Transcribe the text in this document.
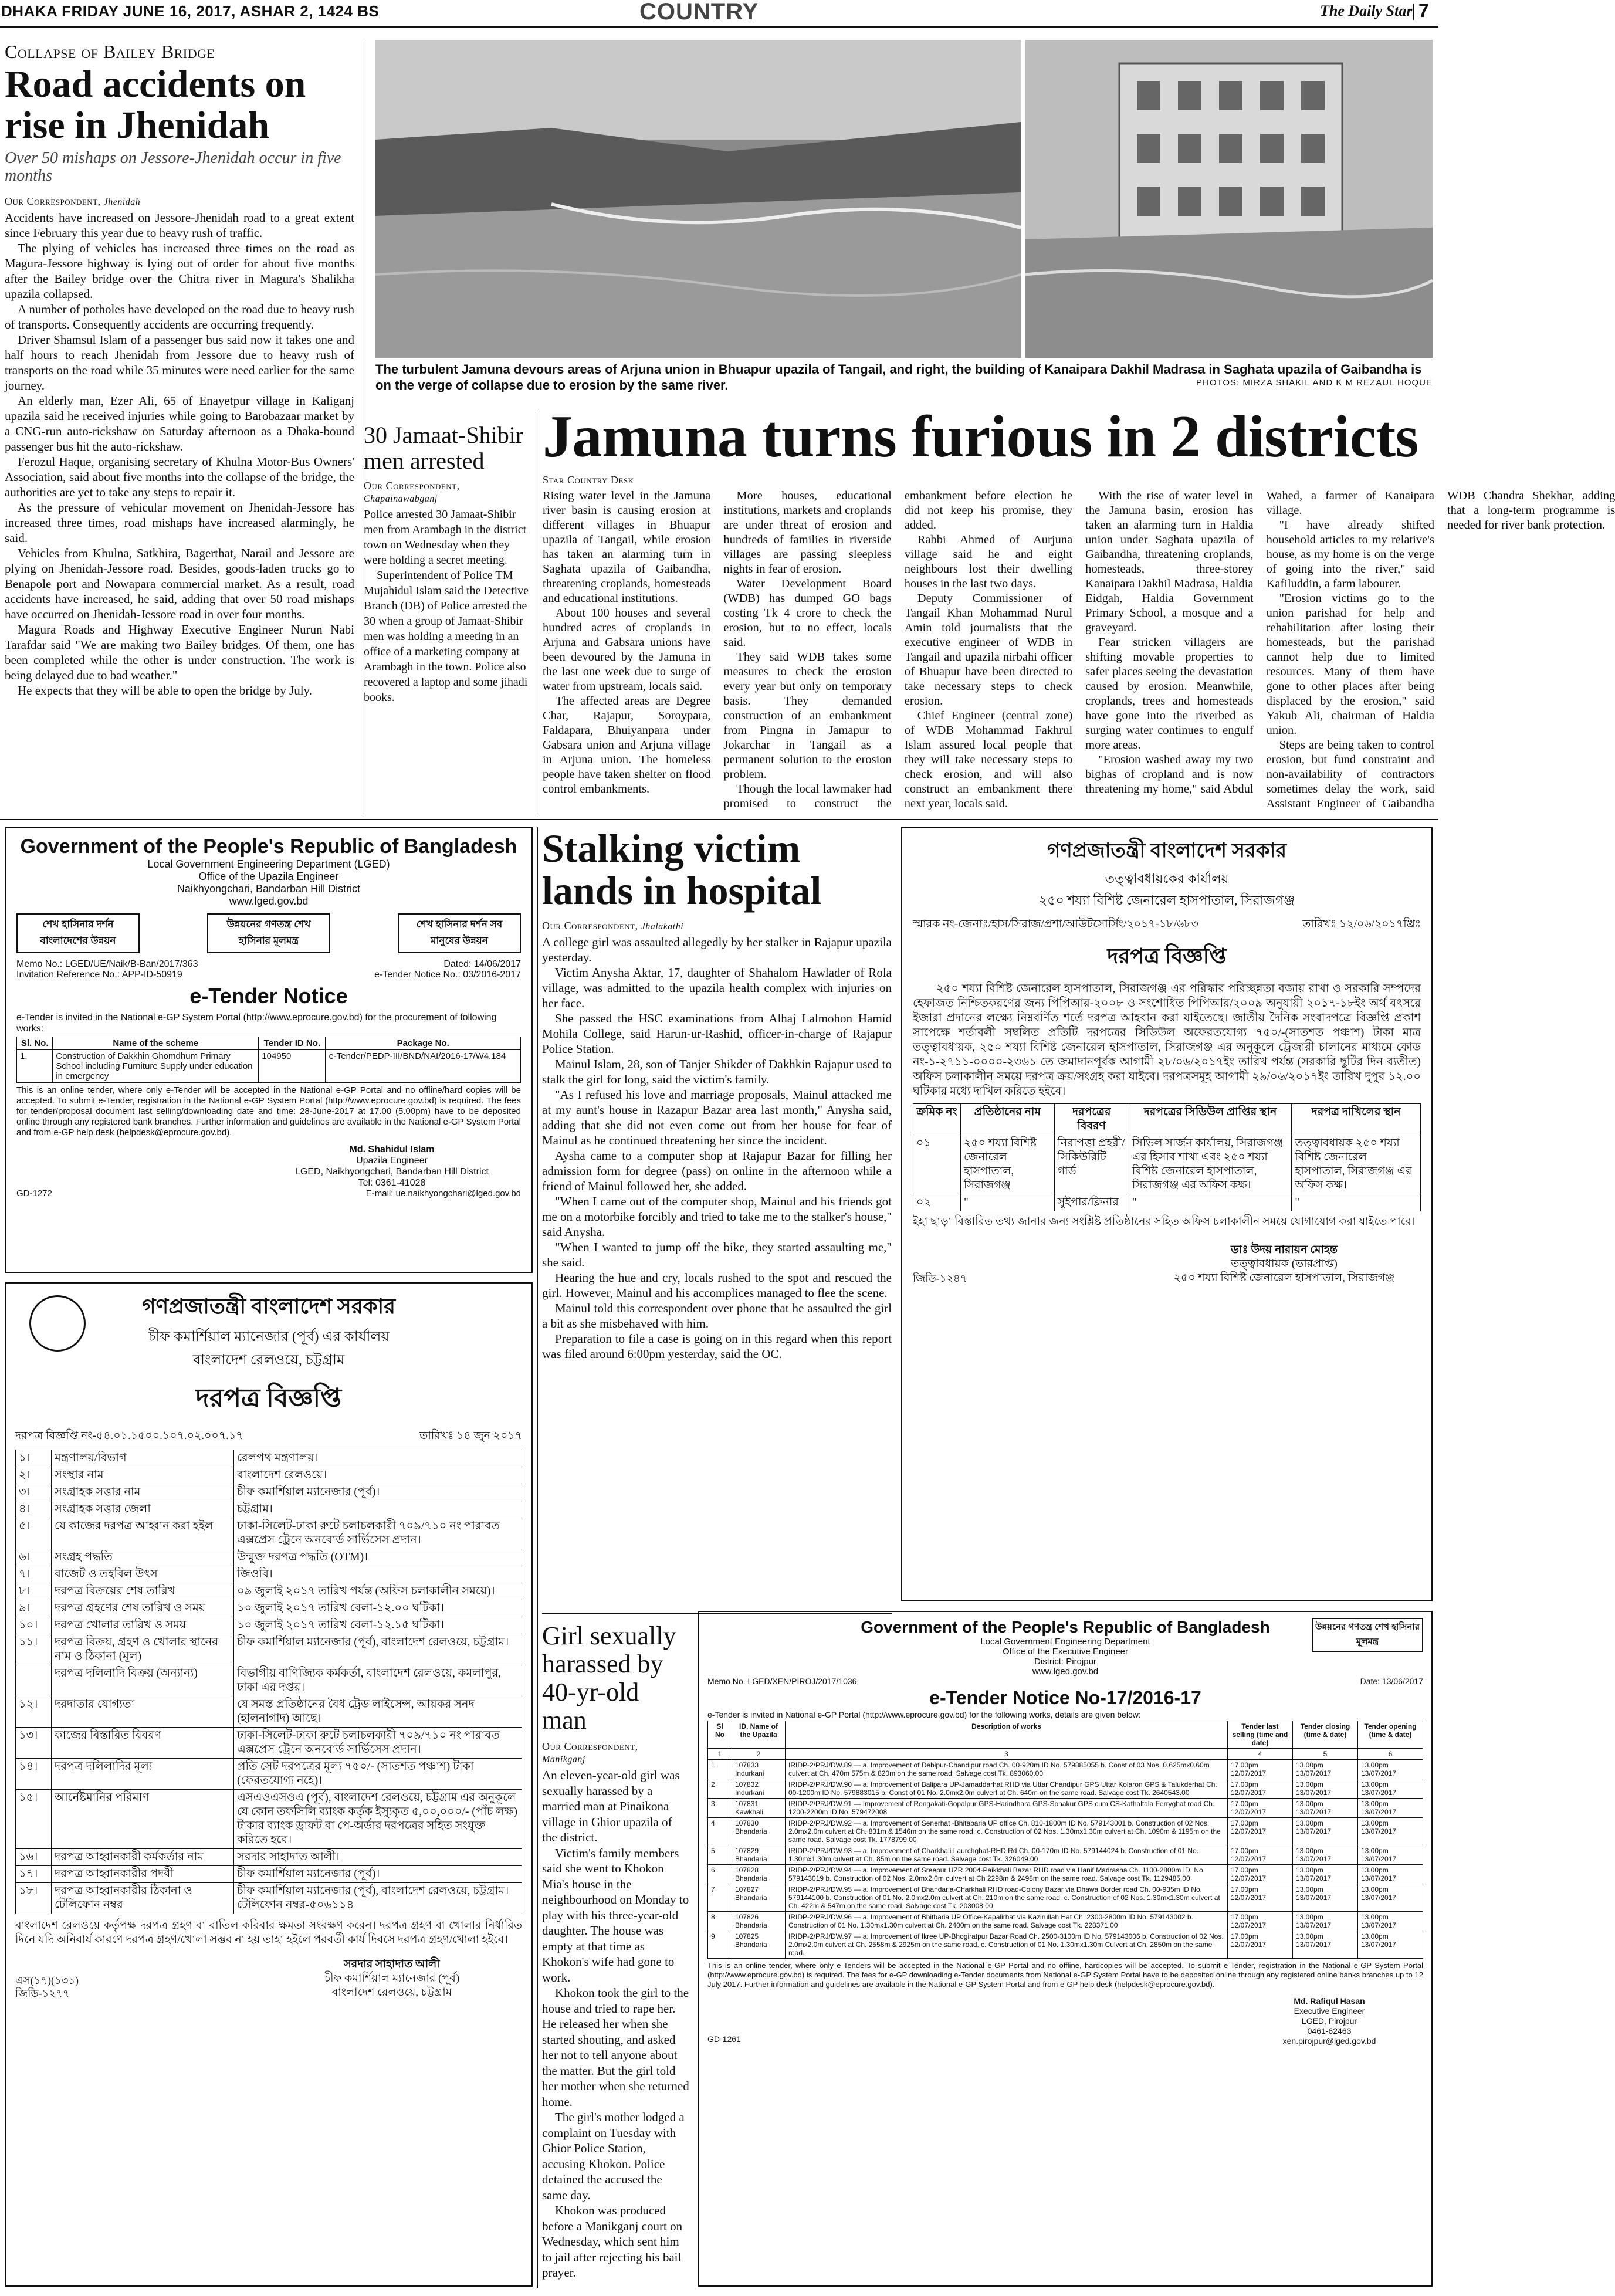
DHAKA FRIDAY JUNE 16, 2017, ASHAR 2, 1424 BS	COUNTRY	The Daily Star 7
Collapse of Bailey Bridge
Road accidents on rise in Jhenidah
Over 50 mishaps on Jessore-Jhenidah occur in five months
Our Correspondent, Jhenidah

Accidents have increased on Jessore-Jhenidah road to a great extent since February this year due to heavy rush of traffic.

The plying of vehicles has increased three times on the road as Magura-Jessore highway is lying out of order for about five months after the Bailey bridge over the Chitra river in Magura's Shalikha upazila collapsed.

A number of potholes have developed on the road due to heavy rush of transports. Consequently accidents are occurring frequently.

Driver Shamsul Islam of a passenger bus said now it takes one and half hours to reach Jhenidah from Jessore due to heavy rush of transports on the road while 35 minutes were need earlier for the same journey.

An elderly man, Ezer Ali, 65 of Enayetpur village in Kaliganj upazila said he received injuries while going to Barobazaar market by a CNG-run auto-rickshaw on Saturday afternoon as a Dhaka-bound passenger bus hit the auto-rickshaw.

Ferozul Haque, organising secretary of Khulna Motor-Bus Owners' Association, said about five months into the collapse of the bridge, the authorities are yet to take any steps to repair it.

As the pressure of vehicular movement on Jhenidah-Jessore has increased three times, road mishaps have increased alarmingly, he said.

Vehicles from Khulna, Satkhira, Bagerthat, Narail and Jessore are plying on Jhenidah-Jessore road. Besides, goods-laden trucks go to Benapole port and Nowapara commercial market. As a result, road accidents have increased, he said, adding that over 50 road mishaps have occurred on Jhenidah-Jessore road in over four months.

Magura Roads and Highway Executive Engineer Nurun Nabi Tarafdar said "We are making two Bailey bridges. Of them, one has been completed while the other is under construction. The work is being delayed due to bad weather."

He expects that they will be able to open the bridge by July.

The turbulent Jamuna devours areas of Arjuna union in Bhuapur upazila of Tangail, and right, the building of Kanaipara Dakhil Madrasa in Saghata upazila of Gaibandha is on the verge of collapse due to erosion by the same river.	PHOTOS: MIRZA SHAKIL AND K M REZAUL HOQUE
30 Jamaat-Shibir men arrested
Our Correspondent,
Chapainawabganj

Police arrested 30 Jamaat-Shibir men from Arambagh in the district town on Wednesday when they were holding a secret meeting.

Superintendent of Police TM Mujahidul Islam said the Detective Branch (DB) of Police arrested the 30 when a group of Jamaat-Shibir men was holding a meeting in an office of a marketing company at Arambagh in the town. Police also recovered a laptop and some jihadi books.

Jamuna turns furious in 2 districts
Star Country Desk

Rising water level in the Jamuna river basin is causing erosion at different villages in Bhuapur upazila of Tangail, while erosion has taken an alarming turn in Saghata upazila of Gaibandha, threatening croplands, homesteads and educational institutions.

About 100 houses and several hundred acres of croplands in Arjuna and Gabsara unions have been devoured by the Jamuna in the last one week due to surge of water from upstream, locals said.

The affected areas are Degree Char, Rajapur, Soroypara, Faldapara, Bhuiyanpara under Gabsara union and Arjuna village in Arjuna union. The homeless people have taken shelter on flood control embankments.

More houses, educational institutions, markets and croplands are under threat of erosion and hundreds of families in riverside villages are passing sleepless nights in fear of erosion.

Water Development Board (WDB) has dumped GO bags costing Tk 4 crore to check the erosion, but to no effect, locals said.

They said WDB takes some measures to check the erosion every year but only on temporary basis. They demanded construction of an embankment from Pingna in Jamapur to Jokarchar in Tangail as a permanent solution to the erosion problem.

Though the local lawmaker had promised to construct the embankment before election he did not keep his promise, they added.

Rabbi Ahmed of Aurjuna village said he and eight neighbours lost their dwelling houses in the last two days.

Deputy Commissioner of Tangail Khan Mohammad Nurul Amin told journalists that the executive engineer of WDB in Tangail and upazila nirbahi officer of Bhuapur have been directed to take necessary steps to check erosion.

Chief Engineer (central zone) of WDB Mohammad Fakhrul Islam assured local people that they will take necessary steps to check erosion, and will also construct an embankment there next year, locals said.

With the rise of water level in the Jamuna basin, erosion has taken an alarming turn in Haldia union under Saghata upazila of Gaibandha, threatening croplands, homesteads, three-storey Kanaipara Dakhil Madrasa, Haldia Eidgah, Haldia Government Primary School, a mosque and a graveyard.

Fear stricken villagers are shifting movable properties to safer places seeing the devastation caused by erosion. Meanwhile, croplands, trees and homesteads have gone into the riverbed as surging water continues to engulf more areas.

"Erosion washed away my two bighas of cropland and is now threatening my home," said Abdul Wahed, a farmer of Kanaipara village.

"I have already shifted household articles to my relative's house, as my home is on the verge of going into the river," said Kafiluddin, a farm labourer.

"Erosion victims go to the union parishad for help and rehabilitation after losing their homesteads, but the parishad cannot help due to limited resources. Many of them have gone to other places after being displaced by the erosion," said Yakub Ali, chairman of Haldia union.

Steps are being taken to control erosion, but fund constraint and non-availability of contractors sometimes delay the work, said Assistant Engineer of Gaibandha WDB Chandra Shekhar, adding that a long-term programme is needed for river bank protection.

Government of the People's Republic of Bangladesh
Local Government Engineering Department (LGED)
Office of the Upazila Engineer
Naikhyongchari, Bandarban Hill District
www.lged.gov.bd
শেখ হাসিনার দর্শন বাংলাদেশের উন্নয়ন
উন্নয়নের গণতন্ত্র শেখ হাসিনার মূলমন্ত্র
শেখ হাসিনার দর্শন সব মানুষের উন্নয়ন
Memo No.: LGED/UE/Naik/B-Ban/2017/363	Dated: 14/06/2017
Invitation Reference No.: APP-ID-50919	e-Tender Notice No.: 03/2016-2017
e-Tender Notice
e-Tender is invited in the National e-GP System Portal (http://www.eprocure.gov.bd) for the procurement of following works:
Sl. No.	Name of the scheme	Tender ID No.	Package No.
1.	Construction of Dakkhin Ghomdhum Primary School including Furniture Supply under education in emergency	104950	e-Tender/PEDP-III/BND/NAI/2016-17/W4.184
This is an online tender, where only e-Tender will be accepted in the National e-GP Portal and no offline/hard copies will be accepted. To submit e-Tender, registration in the National e-GP System Portal (http://www.eprocure.gov.bd) is required. The fees for tender/proposal document last selling/downloading date and time: 28-June-2017 at 17.00 (5.00pm) have to be deposited online through any registered bank branches. Further information and guidelines are available in the National e-GP System Portal and from e-GP help desk (helpdesk@eprocure.gov.bd).
Md. Shahidul Islam
Upazila Engineer
LGED, Naikhyongchari, Bandarban Hill District
Tel: 0361-41028
GD-1272	E-mail: ue.naikhyongchari@lged.gov.bd
গণপ্রজাতন্ত্রী বাংলাদেশ সরকার
চীফ কমার্শিয়াল ম্যানেজার (পূর্ব) এর কার্যালয়
বাংলাদেশ রেলওয়ে, চট্টগ্রাম
দরপত্র বিজ্ঞপ্তি
দরপত্র বিজ্ঞপ্তি নং-৫৪.০১.১৫০০.১০৭.০২.০০৭.১৭	তারিখঃ ১৪ জুন ২০১৭
১।	মন্ত্রণালয়/বিভাগ	রেলপথ মন্ত্রণালয়।
২।	সংস্থার নাম	বাংলাদেশ রেলওয়ে।
৩।	সংগ্রাহক সত্তার নাম	চীফ কমার্শিয়াল ম্যানেজার (পূর্ব)।
৪।	সংগ্রাহক সত্তার জেলা	চট্টগ্রাম।
৫।	যে কাজের দরপত্র আহ্বান করা হইল	ঢাকা-সিলেট-ঢাকা রুটে চলাচলকারী ৭০৯/৭১০ নং পারাবত এক্সপ্রেস ট্রেনে অনবোর্ড সার্ভিসেস প্রদান।
৬।	সংগ্রহ পদ্ধতি	উন্মুক্ত দরপত্র পদ্ধতি (OTM)।
৭।	বাজেট ও তহবিল উৎস	জিওবি।
৮।	দরপত্র বিক্রয়ের শেষ তারিখ	০৯ জুলাই ২০১৭ তারিখ পর্যন্ত (অফিস চলাকালীন সময়ে)।
৯।	দরপত্র গ্রহণের শেষ তারিখ ও সময়	১০ জুলাই ২০১৭ তারিখ বেলা-১২.০০ ঘটিকা।
১০।	দরপত্র খোলার তারিখ ও সময়	১০ জুলাই ২০১৭ তারিখ বেলা-১২.১৫ ঘটিকা।
১১।	দরপত্র বিক্রয়, গ্রহণ ও খোলার স্থানের নাম ও ঠিকানা (মূল)	চীফ কমার্শিয়াল ম্যানেজার (পূর্ব), বাংলাদেশ রেলওয়ে, চট্টগ্রাম।
	দরপত্র দলিলাদি বিক্রয় (অন্যান্য)	বিভাগীয় বাণিজ্যিক কর্মকর্তা, বাংলাদেশ রেলওয়ে, কমলাপুর, ঢাকা এর দপ্তর।
১২।	দরদাতার যোগ্যতা	যে সমস্ত প্রতিষ্ঠানের বৈধ ট্রেড লাইসেন্স, আয়কর সনদ (হালনাগাদ) আছে।
১৩।	কাজের বিস্তারিত বিবরণ	ঢাকা-সিলেট-ঢাকা রুটে চলাচলকারী ৭০৯/৭১০ নং পারাবত এক্সপ্রেস ট্রেনে অনবোর্ড সার্ভিসেস প্রদান।
১৪।	দরপত্র দলিলাদির মূল্য	প্রতি সেট দরপত্রের মূল্য ৭৫০/- (সাতশত পঞ্চাশ) টাকা (ফেরতযোগ্য নহে)।
১৫।	আর্নেষ্টমানির পরিমাণ	এসএওএসওএ (পূর্ব), বাংলাদেশ রেলওয়ে, চট্টগ্রাম এর অনুকূলে যে কোন তফসিলি ব্যাংক কর্তৃক ইস্যুকৃত ৫,০০,০০০/- (পাঁচ লক্ষ) টাকার ব্যাংক ড্রাফট বা পে-অর্ডার দরপত্রের সহিত সংযুক্ত করিতে হবে।
১৬।	দরপত্র আহ্বানকারী কর্মকর্তার নাম	সরদার সাহাদাত আলী।
১৭।	দরপত্র আহ্বানকারীর পদবী	চীফ কমার্শিয়াল ম্যানেজার (পূর্ব)।
১৮।	দরপত্র আহ্বানকারীর ঠিকানা ও টেলিফোন নম্বর	চীফ কমার্শিয়াল ম্যানেজার (পূর্ব), বাংলাদেশ রেলওয়ে, চট্টগ্রাম। টেলিফোন নম্বর-৫০৬১১৪
বাংলাদেশ রেলওয়ে কর্তৃপক্ষ দরপত্র গ্রহণ বা বাতিল করিবার ক্ষমতা সংরক্ষণ করেন। দরপত্র গ্রহণ বা খোলার নির্ধারিত দিনে যদি অনিবার্য কারণে দরপত্র গ্রহণ/খোলা সম্ভব না হয় তাহা হইলে পরবর্তী কার্য দিবসে দরপত্র গ্রহণ/খোলা হইবে।
সরদার সাহাদাত আলী
চীফ কমার্শিয়াল ম্যানেজার (পূর্ব)
বাংলাদেশ রেলওয়ে, চট্টগ্রাম
এস(১৭)(১৩১)
জিডি-১২৭৭
Stalking victim lands in hospital
Our Correspondent, Jhalakathi

A college girl was assaulted allegedly by her stalker in Rajapur upazila yesterday.

Victim Anysha Aktar, 17, daughter of Shahalom Hawlader of Rola village, was admitted to the upazila health complex with injuries on her face.

She passed the HSC examinations from Alhaj Lalmohon Hamid Mohila College, said Harun-ur-Rashid, officer-in-charge of Rajapur Police Station.

Mainul Islam, 28, son of Tanjer Shikder of Dakhkin Rajapur used to stalk the girl for long, said the victim's family.

"As I refused his love and marriage proposals, Mainul attacked me at my aunt's house in Razapur Bazar area last month," Anysha said, adding that she did not even come out from her house for fear of Mainul as he continued threatening her since the incident.

Aysha came to a computer shop at Rajapur Bazar for filling her admission form for degree (pass) on online in the afternoon while a friend of Mainul followed her, she added.

"When I came out of the computer shop, Mainul and his friends got me on a motorbike forcibly and tried to take me to the stalker's house," said Anysha.

"When I wanted to jump off the bike, they started assaulting me," she said.

Hearing the hue and cry, locals rushed to the spot and rescued the girl. However, Mainul and his accomplices managed to flee the scene.

Mainul told this correspondent over phone that he assaulted the girl a bit as she misbehaved with him.

Preparation to file a case is going on in this regard when this report was filed around 6:00pm yesterday, said the OC.

Girl sexually harassed by 40-yr-old man
Our Correspondent,
Manikganj

An eleven-year-old girl was sexually harassed by a married man at Pinaikona village in Ghior upazila of the district.

Victim's family members said she went to Khokon Mia's house in the neighbourhood on Monday to play with his three-year-old daughter. The house was empty at that time as Khokon's wife had gone to work.

Khokon took the girl to the house and tried to rape her. He released her when she started shouting, and asked her not to tell anyone about the matter. But the girl told her mother when she returned home.

The girl's mother lodged a complaint on Tuesday with Ghior Police Station, accusing Khokon. Police detained the accused the same day.

Khokon was produced before a Manikganj court on Wednesday, which sent him to jail after rejecting his bail prayer.

গণপ্রজাতন্ত্রী বাংলাদেশ সরকার
তত্ত্বাবধায়কের কার্যালয়
২৫০ শয্যা বিশিষ্ট জেনারেল হাসপাতাল, সিরাজগঞ্জ
স্মারক নং-জেনাঃ/হাস/সিরাজ/প্রশা/আউটসোর্সিং/২০১৭-১৮/৬৮৩	তারিখঃ ১২/০৬/২০১৭খ্রিঃ
দরপত্র বিজ্ঞপ্তি
২৫০ শয্যা বিশিষ্ট জেনারেল হাসপাতাল, সিরাজগঞ্জ এর পরিস্কার পরিচ্ছন্নতা বজায় রাখা ও সরকারি সম্পদের হেফাজত নিশ্চিতকরণের জন্য পিপিআর-২০০৮ ও সংশোধিত পিপিআর/২০০৯ অনুযায়ী ২০১৭-১৮ইং অর্থ বৎসরে ইজারা প্রদানের লক্ষ্যে নিম্নবর্ণিত শর্তে দরপত্র আহবান করা যাইতেছে। জাতীয় দৈনিক সংবাদপত্রে বিজ্ঞপ্তি প্রকাশ সাপেক্ষে শর্তাবলী সম্বলিত প্রতিটি দরপত্রের সিডিউল অফেরতযোগ্য ৭৫০/-(সাতশত পঞ্চাশ) টাকা মাত্র তত্ত্বাবধায়ক, ২৫০ শয্যা বিশিষ্ট জেনারেল হাসপাতাল, সিরাজগঞ্জ এর অনুকূলে ট্রেজারী চালানের মাধ্যমে কোড নং-১-২৭১১-০০০০-২৩৬১ তে জমাদানপূর্বক আগামী ২৮/০৬/২০১৭ইং তারিখ পর্যন্ত (সরকারি ছুটির দিন ব্যতীত) অফিস চলাকালীন সময়ে দরপত্র ক্রয়/সংগ্রহ করা যাইবে। দরপত্রসমূহ আগামী ২৯/০৬/২০১৭ইং তারিখ দুপুর ১২.০০ ঘটিকার মধ্যে দাখিল করিতে হইবে।
ক্রমিক নং	প্রতিষ্ঠানের নাম	দরপত্রের বিবরণ	দরপত্রের সিডিউল প্রাপ্তির স্থান	দরপত্র দাখিলের স্থান
০১	২৫০ শয্যা বিশিষ্ট জেনারেল হাসপাতাল, সিরাজগঞ্জ	নিরাপত্তা প্রহরী/সিকিউরিটি গার্ড	সিভিল সার্জন কার্যালয়, সিরাজগঞ্জ এর হিসাব শাখা এবং ২৫০ শয্যা বিশিষ্ট জেনারেল হাসপাতাল, সিরাজগঞ্জ এর অফিস কক্ষ।	তত্ত্বাবধায়ক ২৫০ শয্যা বিশিষ্ট জেনারেল হাসপাতাল, সিরাজগঞ্জ এর অফিস কক্ষ।
০২	"	সুইপার/ক্লিনার	"	"
ইহা ছাড়া বিস্তারিত তথ্য জানার জন্য সংশ্লিষ্ট প্রতিষ্ঠানের সহিত অফিস চলাকালীন সময়ে যোগাযোগ করা যাইতে পারে।
ডাঃ উদয় নারায়ন মোহন্ত
তত্ত্বাবধায়ক (ভারপ্রাপ্ত)
২৫০ শয্যা বিশিষ্ট জেনারেল হাসপাতাল, সিরাজগঞ্জ
জিডি-১২৪৭
Government of the People's Republic of Bangladesh	উন্নয়নের গণতন্ত্র শেখ হাসিনার মূলমন্ত্র
Local Government Engineering Department
Office of the Executive Engineer
District: Pirojpur
www.lged.gov.bd
Memo No. LGED/XEN/PIROJ/2017/1036	Date: 13/06/2017
e-Tender Notice No-17/2016-17
e-Tender is invited in National e-GP Portal (http://www.eprocure.gov.bd) for the following works, details are given below:
Sl No	ID, Name of the Upazila	Description of works	Tender last selling (time and date)	Tender closing (time & date)	Tender opening (time & date)
1	2	3	4	5	6
1	107833 Indurkani	IRIDP-2/PRJ/DW.89 — a. Improvement of Debipur-Chandipur road Ch. 00-920m ID No. 579885055 b. Const of 03 Nos. 0.625mx0.60m culvert at Ch. 470m 575m & 820m on the same road. Salvage cost Tk. 893060.00	17.00pm 12/07/2017	13.00pm 13/07/2017	13.00pm 13/07/2017
2	107832 Indurkani	IRIDP-2/PRJ/DW.90 — a. Improvement of Balipara UP-Jamaddarhat RHD via Uttar Chandipur GPS Uttar Kolaron GPS & Talukderhat Ch. 00-1200m ID No. 579883015 b. Const of 01 No. 2.0mx2.0m culvert at Ch. 640m on the same road. Salvage cost Tk. 2640543.00	17.00pm 12/07/2017	13.00pm 13/07/2017	13.00pm 13/07/2017
3	107831 Kawkhali	IRIDP-2/PRJ/DW.91 — Improvement of Rongakati-Gopalpur GPS-Harindhara GPS-Sonakur GPS cum CS-Kathaltala Ferryghat road Ch. 1200-2200m ID No. 579472008	17.00pm 12/07/2017	13.00pm 13/07/2017	13.00pm 13/07/2017
4	107830 Bhandaria	IRIDP-2/PRJ/DW.92 — a. Improvement of Senerhat -Bhitabaria UP office Ch. 810-1800m ID No. 579143001 b. Construction of 02 Nos. 2.0mx2.0m culvert at Ch. 831m & 1546m on the same road. c. Construction of 02 Nos. 1.30mx1.30m culvert at Ch. 1090m & 1195m on the same road. Salvage cost Tk. 1778799.00	17.00pm 12/07/2017	13.00pm 13/07/2017	13.00pm 13/07/2017
5	107829 Bhandaria	IRIDP-2/PRJ/DW.93 — a. Improvement of Charkhali Laurchghat-RHD Rd Ch. 00-170m ID No. 579144024 b. Construction of 01 No. 1.30mx1.30m culvert at Ch. 85m on the same road. Salvage cost Tk. 326049.00	17.00pm 12/07/2017	13.00pm 13/07/2017	13.00pm 13/07/2017
6	107828 Bhandaria	IRIDP-2/PRJ/DW.94 — a. Improvement of Sreepur UZR 2004-Paikkhali Bazar RHD road via Hanif Madrasha Ch. 1100-2800m ID. No. 579143019 b. Construction of 02 Nos. 2.0mx2.0m culvert at Ch 2298m & 2498m on the same road. Salvage cost Tk. 1129485.00	17.00pm 12/07/2017	13.00pm 13/07/2017	13.00pm 13/07/2017
7	107827 Bhandaria	IRIDP-2/PRJ/DW.95 — a. Improvement of Bhandaria-Charkhali RHD road-Colony Bazar via Dhawa Border road Ch. 00-935m ID No. 579144100 b. Construction of 01 No. 2.0mx2.0m culvert at Ch. 210m on the same road. c. Construction of 02 Nos. 1.30mx1.30m culvert at Ch. 422m & 547m on the same road. Salvage cost Tk. 203008.00	17.00pm 12/07/2017	13.00pm 13/07/2017	13.00pm 13/07/2017
8	107826 Bhandaria	IRIDP-2/PRJ/DW.96 — a. Improvement of Bhitbaria UP Office-Kapalirhat via Kazirullah Hat Ch. 2300-2800m ID No. 579143002 b. Construction of 01 No. 1.30mx1.30m culvert at Ch. 2400m on the same road. Salvage cost Tk. 228371.00	17.00pm 12/07/2017	13.00pm 13/07/2017	13.00pm 13/07/2017
9	107825 Bhandaria	IRIDP-2/PRJ/DW.97 — a. Improvement of Ikree UP-Bhogiratpur Bazar Road Ch. 2500-3100m ID No. 579143006 b. Construction of 02 Nos. 2.0mx2.0m culvert at Ch. 2558m & 2925m on the same road. c. Construction of 01 No. 1.30mx1.30m Culvert at Ch. 2850m on the same road.	17.00pm 12/07/2017	13.00pm 13/07/2017	13.00pm 13/07/2017
This is an online tender, where only e-Tenders will be accepted in the National e-GP Portal and no offline, hardcopies will be accepted. To submit e-Tender, registration in the National e-GP System Portal (http://www.eprocure.gov.bd) is required. The fees for e-GP downloading e-Tender documents from National e-GP System Portal have to be deposited online through any registered online banks branches up to 12 July 2017. Further information and guidelines are available in the National e-GP System Portal and from e-GP help desk (helpdesk@eprocure.gov.bd).
Md. Rafiqul Hasan
Executive Engineer
LGED, Pirojpur
0461-62463
xen.pirojpur@lged.gov.bd
GD-1261
